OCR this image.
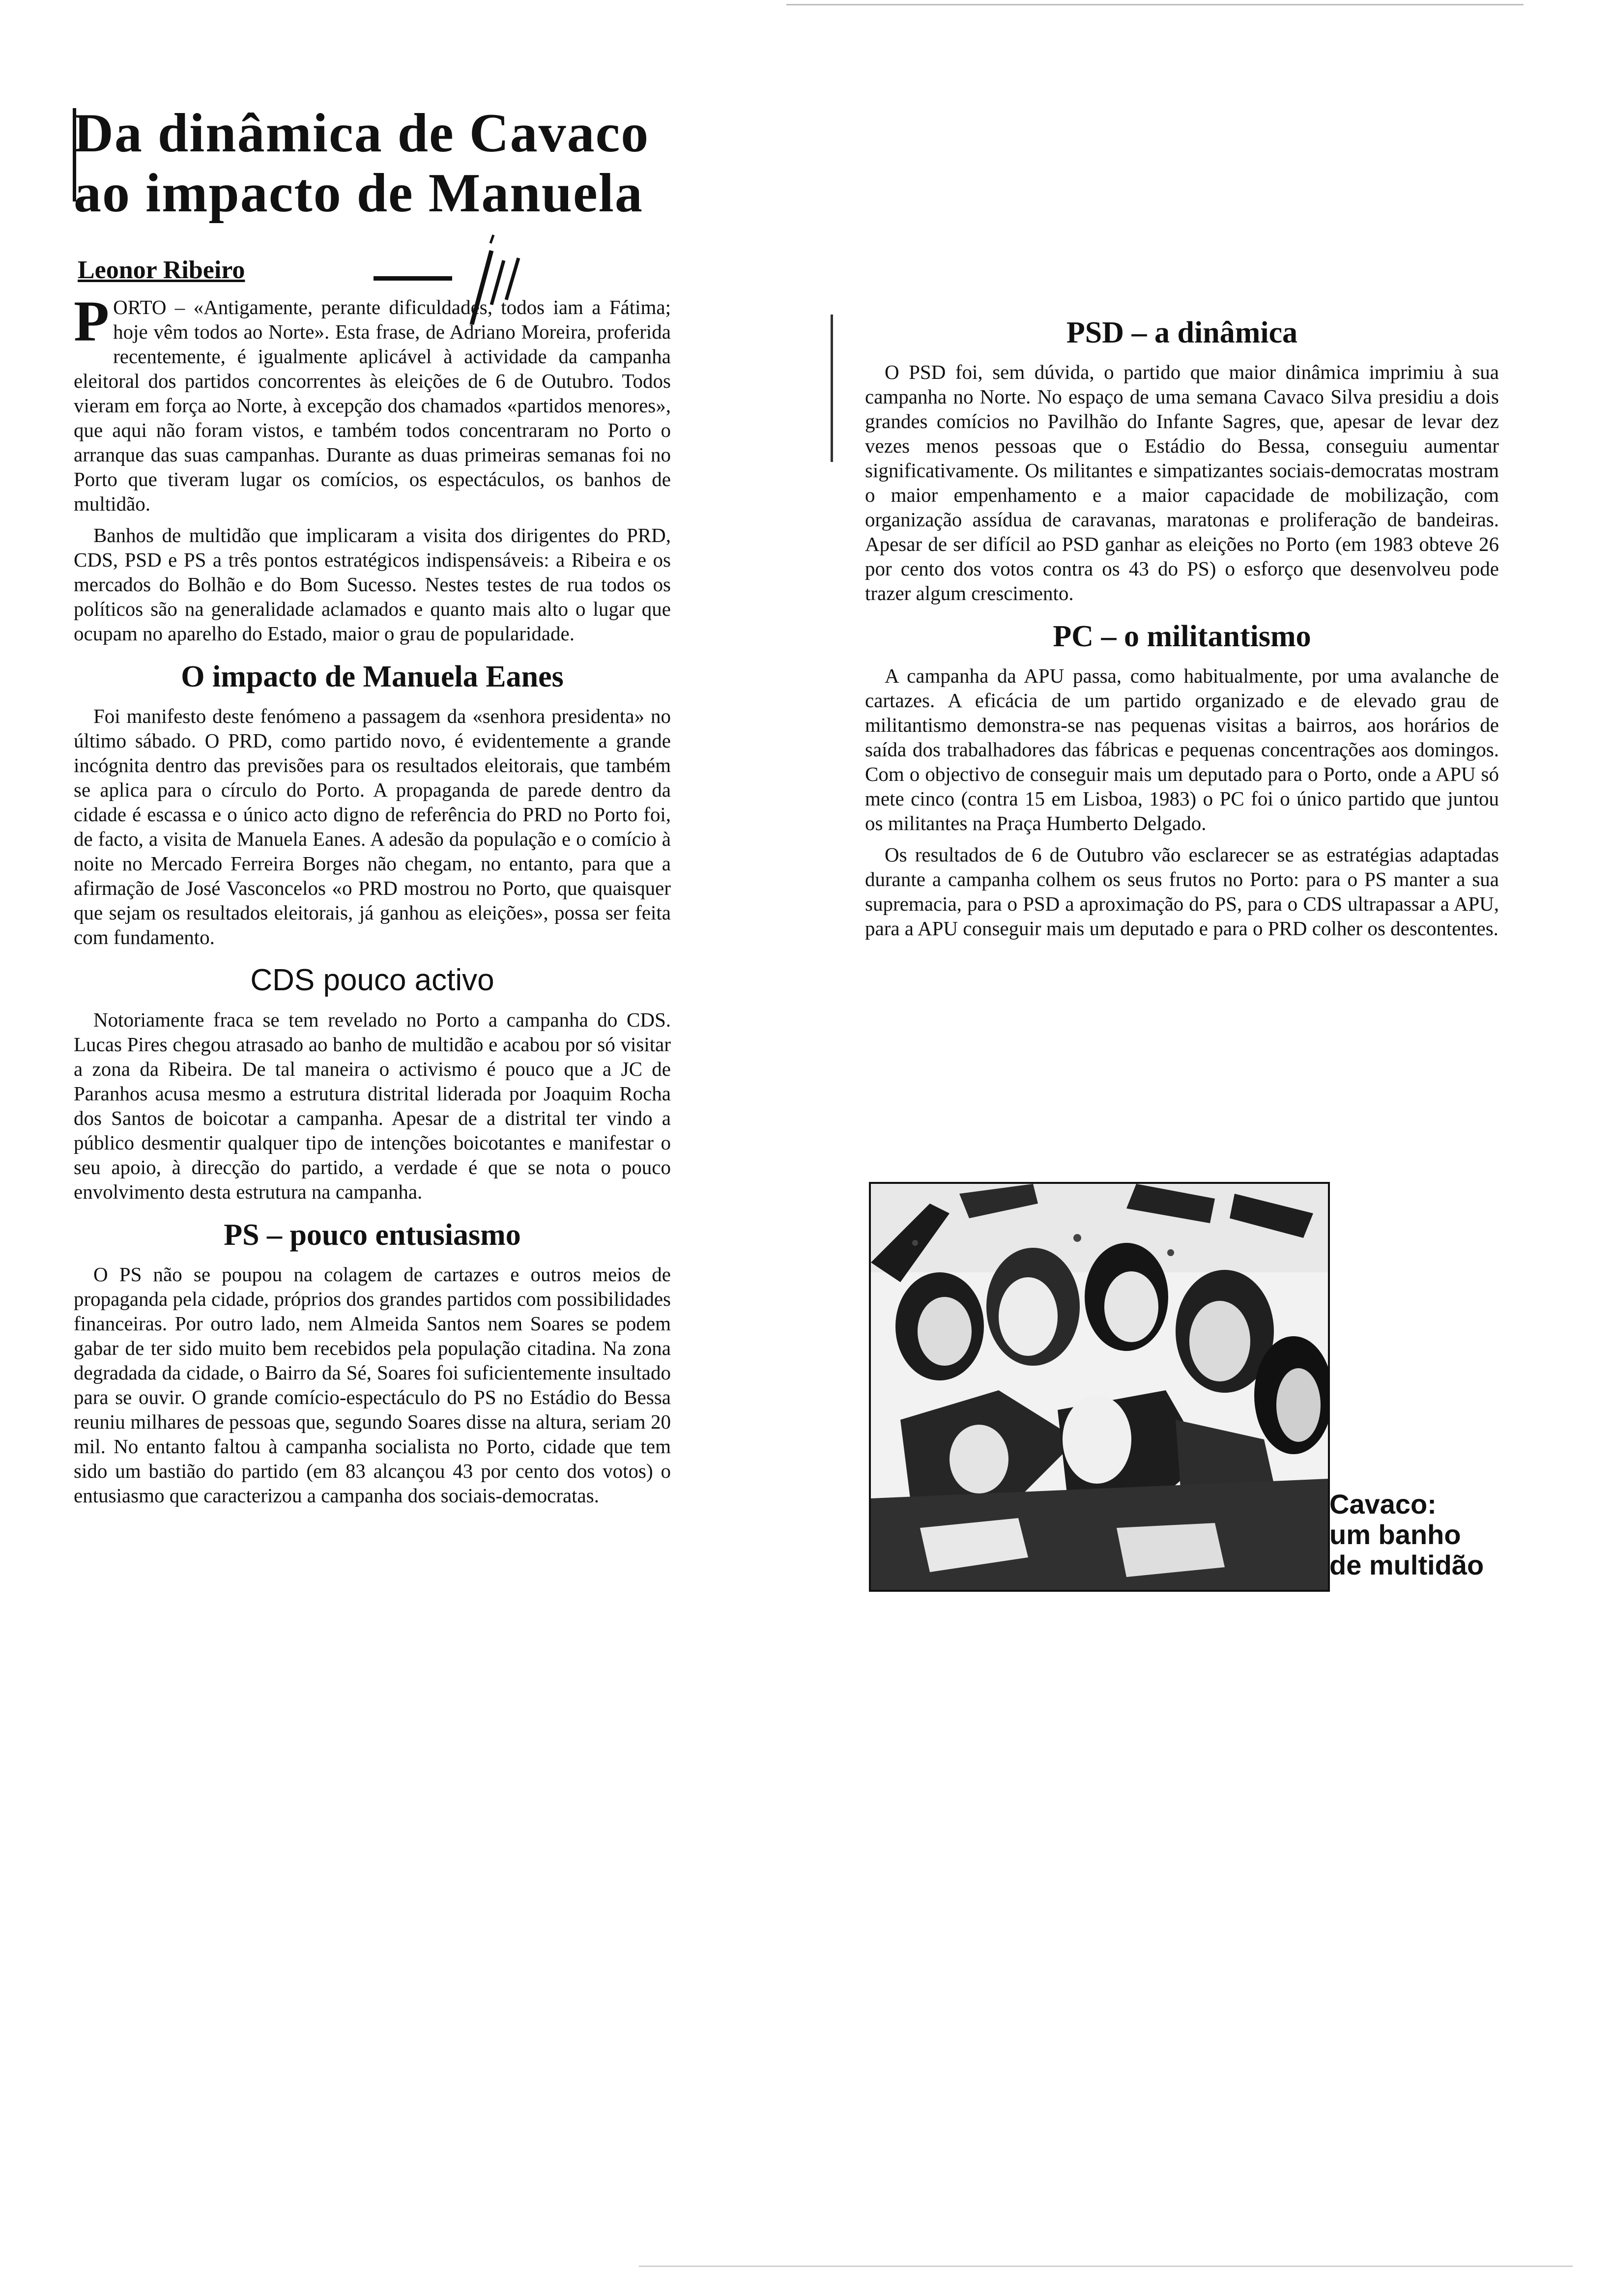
Da dinâmica de Cavaco
ao impacto de Manuela
Leonor Ribeiro

PORTO – «Antigamente, perante dificuldades, todos iam a Fátima; hoje vêm todos ao Norte». Esta frase, de Adriano Moreira, proferida recentemente, é igualmente aplicável à actividade da campanha eleitoral dos partidos concorrentes às eleições de 6 de Outubro. Todos vieram em força ao Norte, à excepção dos chamados «partidos menores», que aqui não foram vistos, e também todos concentraram no Porto o arranque das suas campanhas. Durante as duas primeiras semanas foi no Porto que tiveram lugar os comícios, os espectáculos, os banhos de multidão.

Banhos de multidão que implicaram a visita dos dirigentes do PRD, CDS, PSD e PS a três pontos estratégicos indispensáveis: a Ribeira e os mercados do Bolhão e do Bom Sucesso. Nestes testes de rua todos os políticos são na generalidade aclamados e quanto mais alto o lugar que ocupam no aparelho do Estado, maior o grau de popularidade.

O impacto de Manuela Eanes

Foi manifesto deste fenómeno a passagem da «senhora presidenta» no último sábado. O PRD, como partido novo, é evidentemente a grande incógnita dentro das previsões para os resultados eleitorais, que também se aplica para o círculo do Porto. A propaganda de parede dentro da cidade é escassa e o único acto digno de referência do PRD no Porto foi, de facto, a visita de Manuela Eanes. A adesão da população e o comício à noite no Mercado Ferreira Borges não chegam, no entanto, para que a afirmação de José Vasconcelos «o PRD mostrou no Porto, que quaisquer que sejam os resultados eleitorais, já ganhou as eleições», possa ser feita com fundamento.

CDS pouco activo

Notoriamente fraca se tem revelado no Porto a campanha do CDS. Lucas Pires chegou atrasado ao banho de multidão e acabou por só visitar a zona da Ribeira. De tal maneira o activismo é pouco que a JC de Paranhos acusa mesmo a estrutura distrital liderada por Joaquim Rocha dos Santos de boicotar a campanha. Apesar de a distrital ter vindo a público desmentir qualquer tipo de intenções boicotantes e manifestar o seu apoio, à direcção do partido, a verdade é que se nota o pouco envolvimento desta estrutura na campanha.

PS – pouco entusiasmo

O PS não se poupou na colagem de cartazes e outros meios de propaganda pela cidade, próprios dos grandes partidos com possibilidades financeiras. Por outro lado, nem Almeida Santos nem Soares se podem gabar de ter sido muito bem recebidos pela população citadina. Na zona degradada da cidade, o Bairro da Sé, Soares foi suficientemente insultado para se ouvir. O grande comício-espectáculo do PS no Estádio do Bessa reuniu milhares de pessoas que, segundo Soares disse na altura, seriam 20 mil. No entanto faltou à campanha socialista no Porto, cidade que tem sido um bastião do partido (em 83 alcançou 43 por cento dos votos) o entusiasmo que caracterizou a campanha dos sociais-democratas.

PSD – a dinâmica

O PSD foi, sem dúvida, o partido que maior dinâmica imprimiu à sua campanha no Norte. No espaço de uma semana Cavaco Silva presidiu a dois grandes comícios no Pavilhão do Infante Sagres, que, apesar de levar dez vezes menos pessoas que o Estádio do Bessa, conseguiu aumentar significativamente. Os militantes e simpatizantes sociais-democratas mostram o maior empenhamento e a maior capacidade de mobilização, com organização assídua de caravanas, maratonas e proliferação de bandeiras. Apesar de ser difícil ao PSD ganhar as eleições no Porto (em 1983 obteve 26 por cento dos votos contra os 43 do PS) o esforço que desenvolveu pode trazer algum crescimento.

PC – o militantismo

A campanha da APU passa, como habitualmente, por uma avalanche de cartazes. A eficácia de um partido organizado e de elevado grau de militantismo demonstra-se nas pequenas visitas a bairros, aos horários de saída dos trabalhadores das fábricas e pequenas concentrações aos domingos. Com o objectivo de conseguir mais um deputado para o Porto, onde a APU só mete cinco (contra 15 em Lisboa, 1983) o PC foi o único partido que juntou os militantes na Praça Humberto Delgado.

Os resultados de 6 de Outubro vão esclarecer se as estratégias adaptadas durante a campanha colhem os seus frutos no Porto: para o PS manter a sua supremacia, para o PSD a aproximação do PS, para o CDS ultrapassar a APU, para a APU conseguir mais um deputado e para o PRD colher os descontentes.

Cavaco:
um banho
de multidão
